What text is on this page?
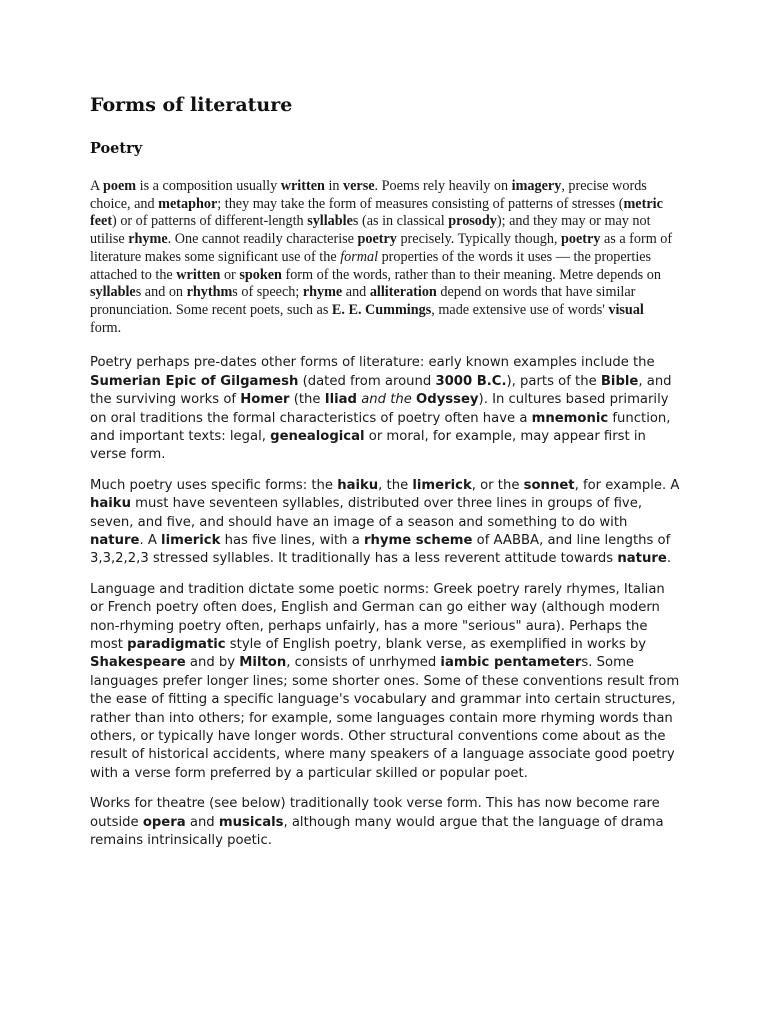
Forms of literature
Poetry

A poem is a composition usually written in verse. Poems rely heavily on imagery, precise words choice, and metaphor; they may take the form of measures consisting of patterns of stresses (metric feet) or of patterns of different-length syllables (as in classical prosody); and they may or may not utilise rhyme. One cannot readily characterise poetry precisely. Typically though, poetry as a form of literature makes some significant use of the formal properties of the words it uses — the properties attached to the written or spoken form of the words, rather than to their meaning. Metre depends on syllables and on rhythms of speech; rhyme and alliteration depend on words that have similar pronunciation. Some recent poets, such as E. E. Cummings, made extensive use of words' visual form.

Poetry perhaps pre-dates other forms of literature: early known examples include the Sumerian Epic of Gilgamesh (dated from around 3000 B.C.), parts of the Bible, and the surviving works of Homer (the Iliad and the Odyssey). In cultures based primarily on oral traditions the formal characteristics of poetry often have a mnemonic function, and important texts: legal, genealogical or moral, for example, may appear first in verse form.

Much poetry uses specific forms: the haiku, the limerick, or the sonnet, for example. A haiku must have seventeen syllables, distributed over three lines in groups of five, seven, and five, and should have an image of a season and something to do with nature. A limerick has five lines, with a rhyme scheme of AABBA, and line lengths of 3,3,2,2,3 stressed syllables. It traditionally has a less reverent attitude towards nature.

Language and tradition dictate some poetic norms: Greek poetry rarely rhymes, Italian or French poetry often does, English and German can go either way (although modern non-rhyming poetry often, perhaps unfairly, has a more "serious" aura). Perhaps the most paradigmatic style of English poetry, blank verse, as exemplified in works by Shakespeare and by Milton, consists of unrhymed iambic pentameters. Some languages prefer longer lines; some shorter ones. Some of these conventions result from the ease of fitting a specific language's vocabulary and grammar into certain structures, rather than into others; for example, some languages contain more rhyming words than others, or typically have longer words. Other structural conventions come about as the result of historical accidents, where many speakers of a language associate good poetry with a verse form preferred by a particular skilled or popular poet.

Works for theatre (see below) traditionally took verse form. This has now become rare outside opera and musicals, although many would argue that the language of drama remains intrinsically poetic.
